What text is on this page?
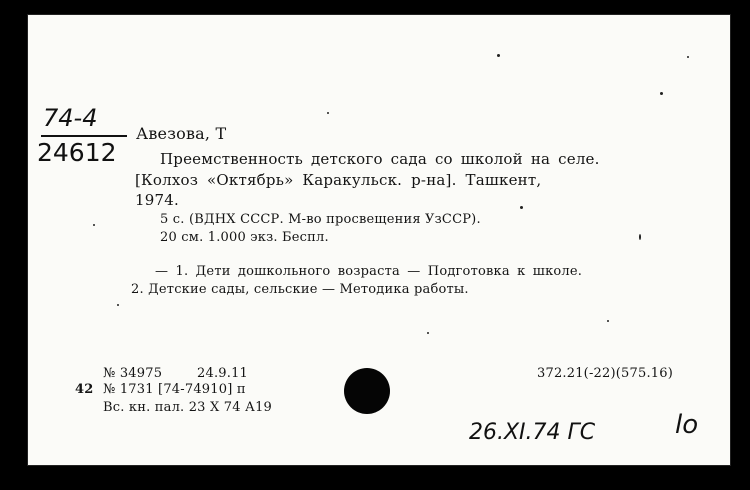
74-4
24612
Авезова, Т
Преемственность детского сада со школой на селе.
[Колхоз «Октябрь» Каракульск. р-на]. Ташкент,
1974.
5 с. (ВДНХ СССР. М-во просвещения УзССР).
20 см. 1.000 экз. Беспл.
— 1. Дети дошкольного возраста — Подготовка к школе.
2. Детские сады, сельские — Методика работы.
№ 34975	24.9.11
42 № 1731 [74-74910] п
Вс. кн. пал. 23 X 74 А19
372.21(-22)(575.16)
26.XI.74 ГС	lo
